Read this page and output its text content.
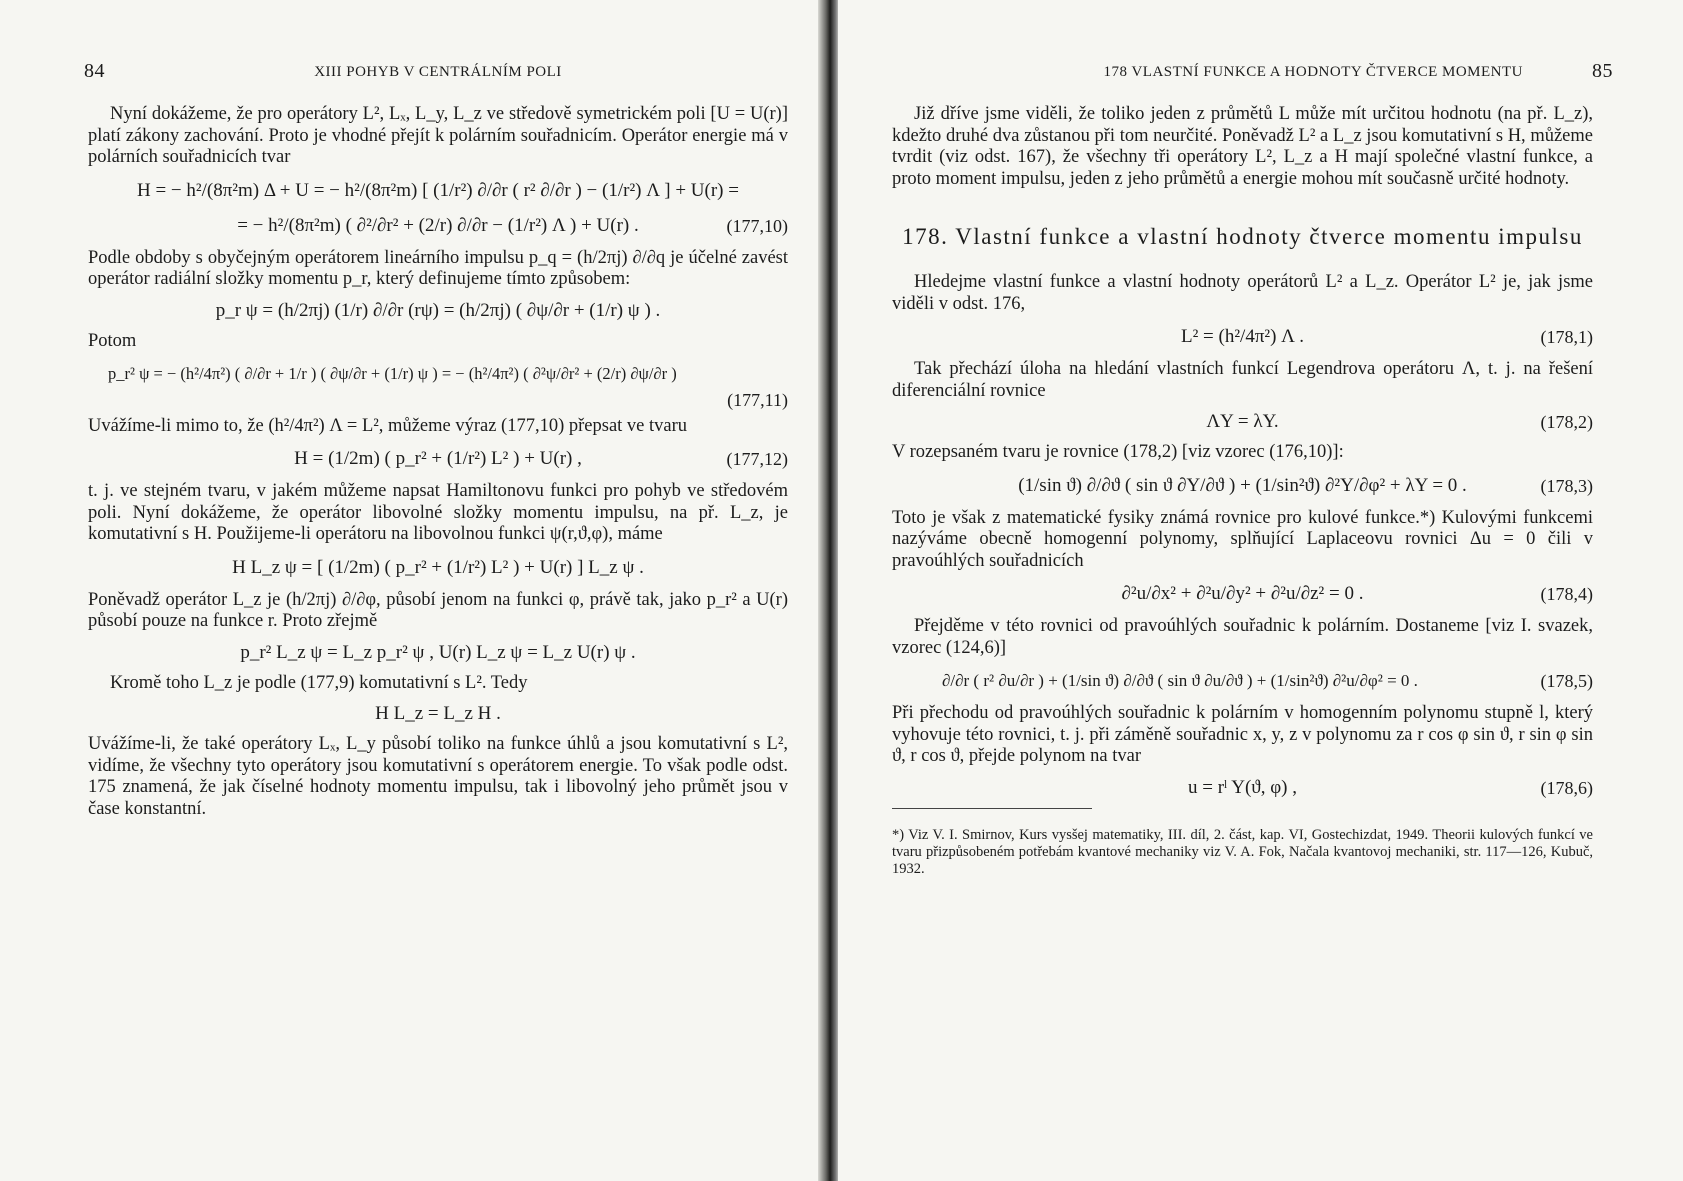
84	XIII POHYB V CENTRÁLNÍM POLI

Nyní dokážeme, že pro operátory L², Lₓ, L_y, L_z ve středově symetrickém poli [U = U(r)] platí zákony zachování. Proto je vhodné přejít k polárním souřadnicím. Operátor energie má v polárních souřadnicích tvar

H = − h²/(8π²m) Δ + U = − h²/(8π²m) [ (1/r²) ∂/∂r ( r² ∂/∂r ) − (1/r²) Λ ] + U(r) =
= − h²/(8π²m) ( ∂²/∂r² + (2/r) ∂/∂r − (1/r²) Λ ) + U(r) .	(177,10)

Podle obdoby s obyčejným operátorem lineárního impulsu p_q = (h/2πj) ∂/∂q je účelné zavést operátor radiální složky momentu p_r, který definujeme tímto způsobem:

p_r ψ = (h/2πj) (1/r) ∂/∂r (rψ) = (h/2πj) ( ∂ψ/∂r + (1/r) ψ ) .
Potom
p_r² ψ = − (h²/4π²) ( ∂/∂r + 1/r ) ( ∂ψ/∂r + (1/r) ψ ) = − (h²/4π²) ( ∂²ψ/∂r² + (2/r) ∂ψ/∂r )
(177,11)

Uvážíme-li mimo to, že (h²/4π²) Λ = L², můžeme výraz (177,10) přepsat ve tvaru

H = (1/2m) ( p_r² + (1/r²) L² ) + U(r) ,	(177,12)

t. j. ve stejném tvaru, v jakém můžeme napsat Hamiltonovu funkci pro pohyb ve středovém poli. Nyní dokážeme, že operátor libovolné složky momentu impulsu, na př. L_z, je komutativní s H. Použijeme-li operátoru na libovolnou funkci ψ(r,ϑ,φ), máme

H L_z ψ = [ (1/2m) ( p_r² + (1/r²) L² ) + U(r) ] L_z ψ .

Poněvadž operátor L_z je (h/2πj) ∂/∂φ, působí jenom na funkci φ, právě tak, jako p_r² a U(r) působí pouze na funkce r. Proto zřejmě

p_r² L_z ψ = L_z p_r² ψ , U(r) L_z ψ = L_z U(r) ψ .

Kromě toho L_z je podle (177,9) komutativní s L². Tedy

H L_z = L_z H .

Uvážíme-li, že také operátory Lₓ, L_y působí toliko na funkce úhlů a jsou komutativní s L², vidíme, že všechny tyto operátory jsou komutativní s operátorem energie. To však podle odst. 175 znamená, že jak číselné hodnoty momentu impulsu, tak i libovolný jeho průmět jsou v čase konstantní.

178 VLASTNÍ FUNKCE A HODNOTY ČTVERCE MOMENTU	85

Již dříve jsme viděli, že toliko jeden z průmětů L může mít určitou hodnotu (na př. L_z), kdežto druhé dva zůstanou při tom neurčité. Poněvadž L² a L_z jsou komutativní s H, můžeme tvrdit (viz odst. 167), že všechny tři operátory L², L_z a H mají společné vlastní funkce, a proto moment impulsu, jeden z jeho průmětů a energie mohou mít současně určité hodnoty.

178. Vlastní funkce a vlastní hodnoty čtverce momentu impulsu

Hledejme vlastní funkce a vlastní hodnoty operátorů L² a L_z. Operátor L² je, jak jsme viděli v odst. 176,

L² = (h²/4π²) Λ .	(178,1)

Tak přechází úloha na hledání vlastních funkcí Legendrova operátoru Λ, t. j. na řešení diferenciální rovnice

ΛY = λY.	(178,2)

V rozepsaném tvaru je rovnice (178,2) [viz vzorec (176,10)]:

(1/sin ϑ) ∂/∂ϑ ( sin ϑ ∂Y/∂ϑ ) + (1/sin²ϑ) ∂²Y/∂φ² + λY = 0 .	(178,3)

Toto je však z matematické fysiky známá rovnice pro kulové funkce.*) Kulovými funkcemi nazýváme obecně homogenní polynomy, splňující Laplaceovu rovnici Δu = 0 čili v pravoúhlých souřadnicích

∂²u/∂x² + ∂²u/∂y² + ∂²u/∂z² = 0 .	(178,4)

Přejděme v této rovnici od pravoúhlých souřadnic k polárním. Dostaneme [viz I. svazek, vzorec (124,6)]

∂/∂r ( r² ∂u/∂r ) + (1/sin ϑ) ∂/∂ϑ ( sin ϑ ∂u/∂ϑ ) + (1/sin²ϑ) ∂²u/∂φ² = 0 .	(178,5)

Při přechodu od pravoúhlých souřadnic k polárním v homogenním polynomu stupně l, který vyhovuje této rovnici, t. j. při záměně souřadnic x, y, z v polynomu za r cos φ sin ϑ, r sin φ sin ϑ, r cos ϑ, přejde polynom na tvar

u = rˡ Y(ϑ, φ) ,	(178,6)

*) Viz V. I. Smirnov, Kurs vysšej matematiky, III. díl, 2. část, kap. VI, Gostechizdat, 1949. Theorii kulových funkcí ve tvaru přizpůsobeném potřebám kvantové mechaniky viz V. A. Fok, Načala kvantovoj mechaniki, str. 117—126, Kubuč, 1932.
